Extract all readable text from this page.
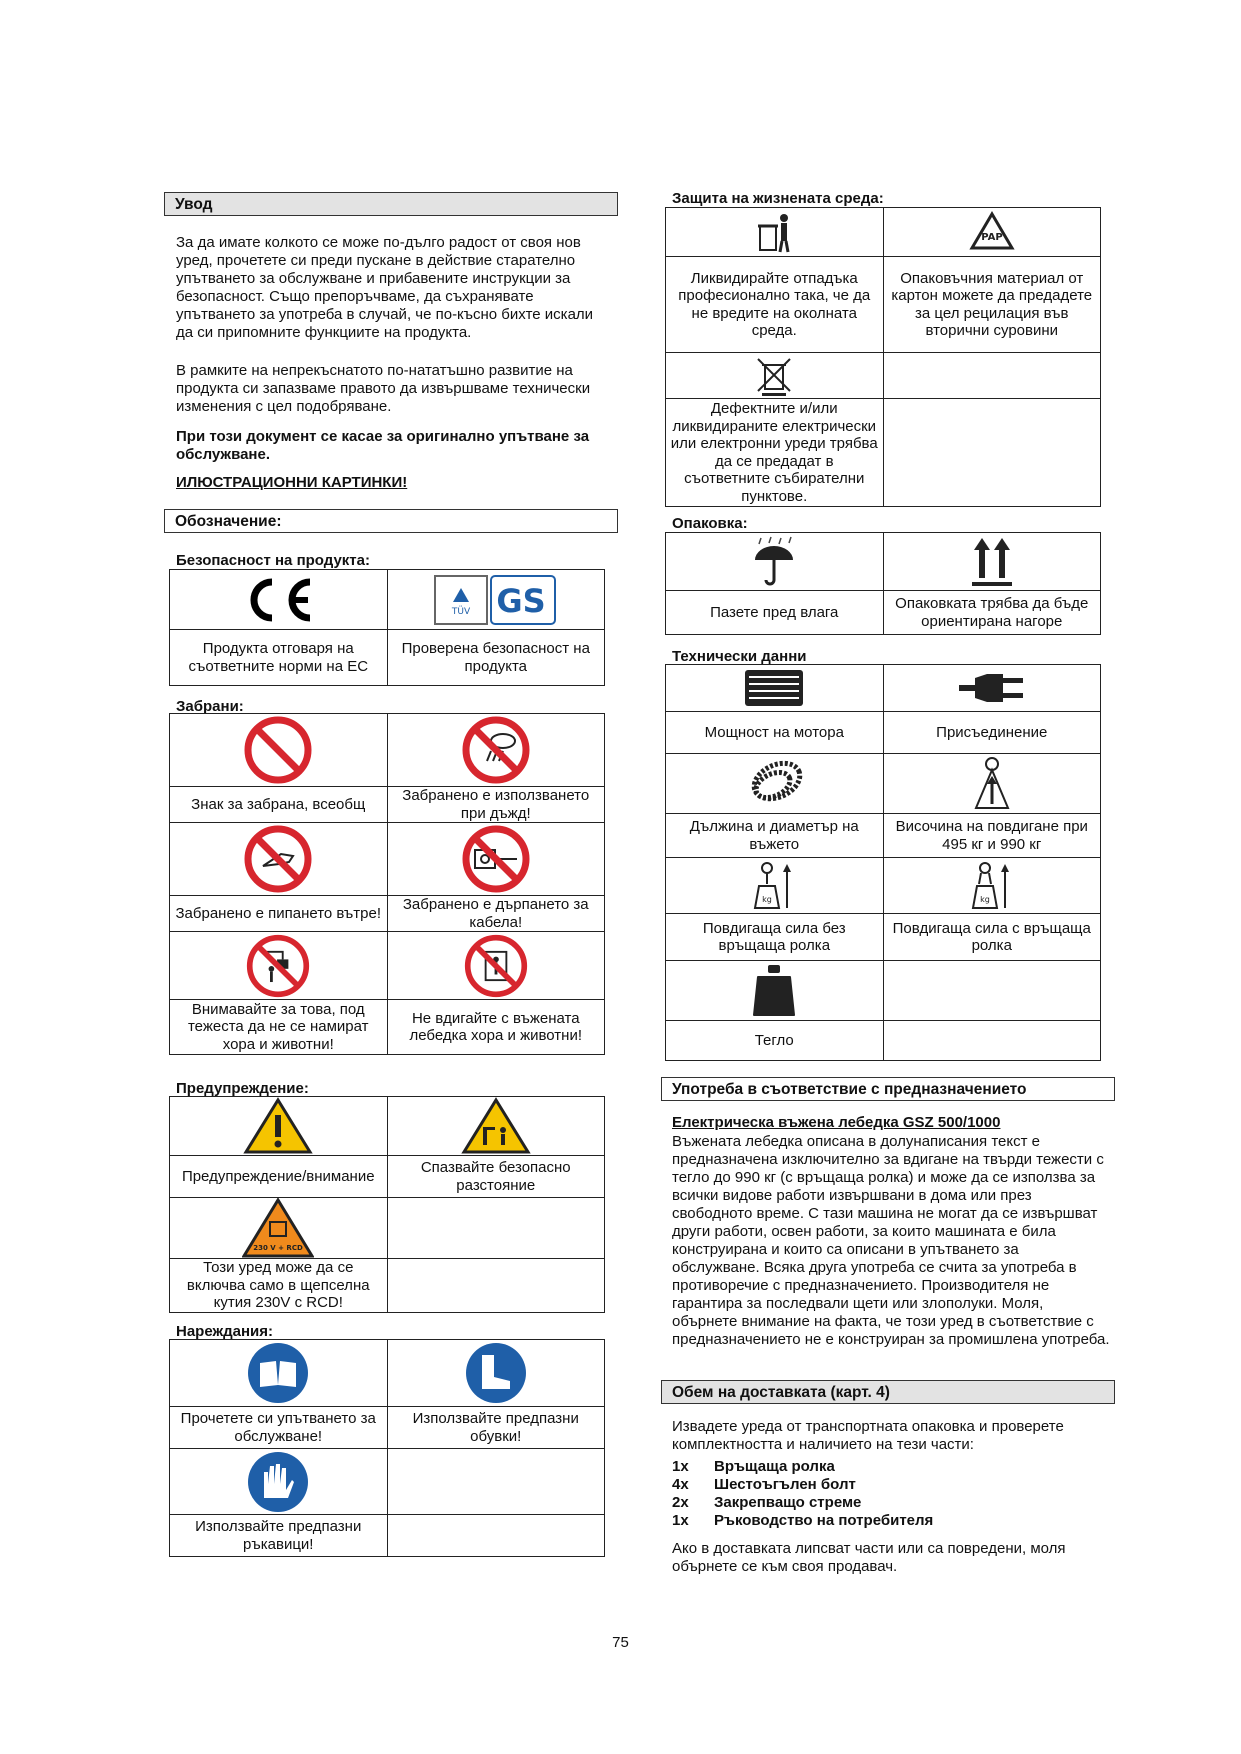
Увод
За да имате колкото се може по-дълго радост от своя нов уред, прочетете си преди пускане в действие старателно упътването за обслужване и прибавените инструкции за безопасност. Също препоръчваме, да съхранявате упътването за употреба в случай, че по-късно бихте искали да си припомните функциите на продукта.
В рамките на непрекъснатото по-нататъшно развитие на продукта си запазваме правото да извършваме технически изменения с цел подобряване.
При този документ се касае за оригинално упътване за обслужване.
ИЛЮСТРАЦИОННИ КАРТИНКИ!
Обозначение:
Безопасност на продукта:

TÜV GS

Продукта отговаря на съответните норми на ЕС	Проверена безопасност на продукта
Забрани:

Знак за забрана, всеобщ	Забранено е използването при дъжд!

Забранено е пипането вътре!	Забранено е дърпането за кабела!

Внимавайте за това, под тежеста да не се намират хора и животни!	Не вдигайте с въжената лебедка хора и животни!
Предупреждение:

Предупреждение/внимание	Спазвайте безопасно разстояние

230 V + RCD	

Този уред може да се включва само в щепселна кутия 230V с RCD!	
Нареждания:

Прочетете си упътването за обслужване!	Използвайте предпазни обувки!

Използвайте предпазни ръкавици!	
Защита на жизнената среда:

PAP

Ликвидирайте отпадъка професионално така, че да не вредите на околната среда.	Опаковъчния материал от картон можете да предадете за цел рецилация във вторични суровини

Дефектните и/или ликвидираните електрически или електронни уреди трябва да се предадат в съответните събирателни пунктове.	
Опаковка:

Пазете пред влага	Опаковката трябва да бъде ориентирана нагоре
Технически данни

Мощност на мотора	Присъединение

Дължина и диаметър на въжето	Височина на повдигане при 495 кг и 990 кг

kg	kg

Повдигаща сила без връщаща ролка	Повдигаща сила с връщаща ролка

Тегло	
Употреба в съответствие с предназначението
Електрическа въжена лебедка GSZ 500/1000
Въжената лебедка описана в долунаписания текст е предназначена изключително за вдигане на твърди тежести с тегло до 990 кг (с връщаща ролка) и може да се използва за всички видове работи извършвани в дома или през свободното време. С тази машина не могат да се извършват други работи, освен работи, за които машината е била конструирана и които са описани в упътването за обслужване. Всяка друга употреба се счита за употреба в противоречие с предназначението. Производителя не гарантира за последвали щети или злополуки. Моля, обърнете внимание на факта, че този уред в съответствие с предназначението не е конструиран за промишлена употреба.
Обем на доставката (карт. 4)
Извадете уреда от транспортната опаковка и проверете комплектността и наличието на тези части:
1x Връщаща ролка
4x Шестоъгълен болт
2x Закрепващо стреме
1x Ръководство на потребителя
Ако в доставката липсват части или са повредени, моля обърнете се към своя продавач.
75
